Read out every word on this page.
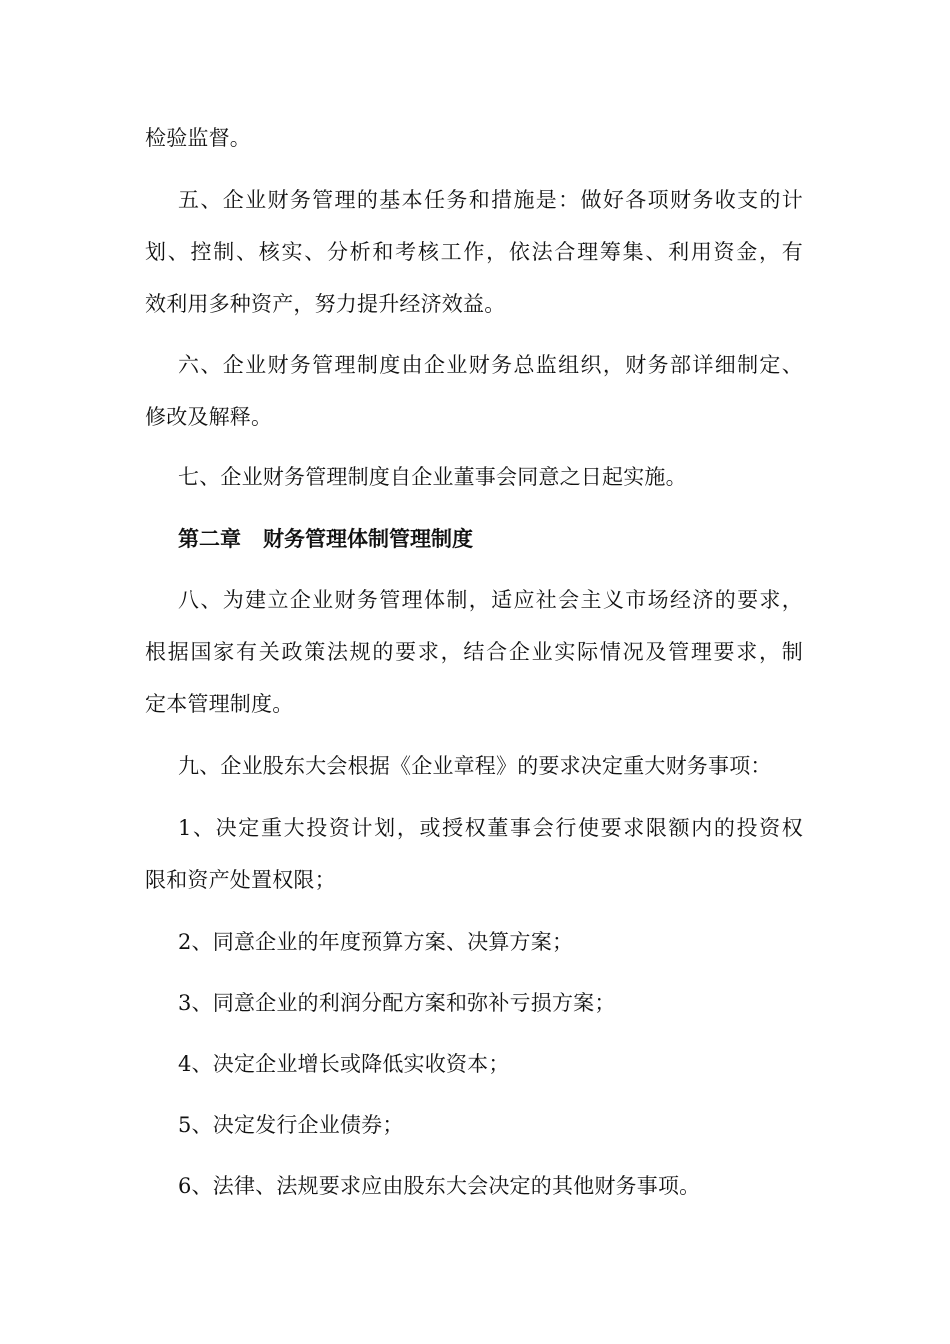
检验监督。
五、企业财务管理的基本任务和措施是：做好各项财务收支的计
划、控制、核实、分析和考核工作，依法合理筹集、利用资金，有
效利用多种资产，努力提升经济效益。
六、企业财务管理制度由企业财务总监组织，财务部详细制定、
修改及解释。
七、企业财务管理制度自企业董事会同意之日起实施。
第二章 财务管理体制管理制度
八、为建立企业财务管理体制，适应社会主义市场经济的要求，
根据国家有关政策法规的要求，结合企业实际情况及管理要求，制
定本管理制度。
九、企业股东大会根据《企业章程》的要求决定重大财务事项：
1、决定重大投资计划，或授权董事会行使要求限额内的投资权
限和资产处置权限；
2、同意企业的年度预算方案、决算方案；
3、同意企业的利润分配方案和弥补亏损方案；
4、决定企业增长或降低实收资本；
5、决定发行企业债券；
6、法律、法规要求应由股东大会决定的其他财务事项。
